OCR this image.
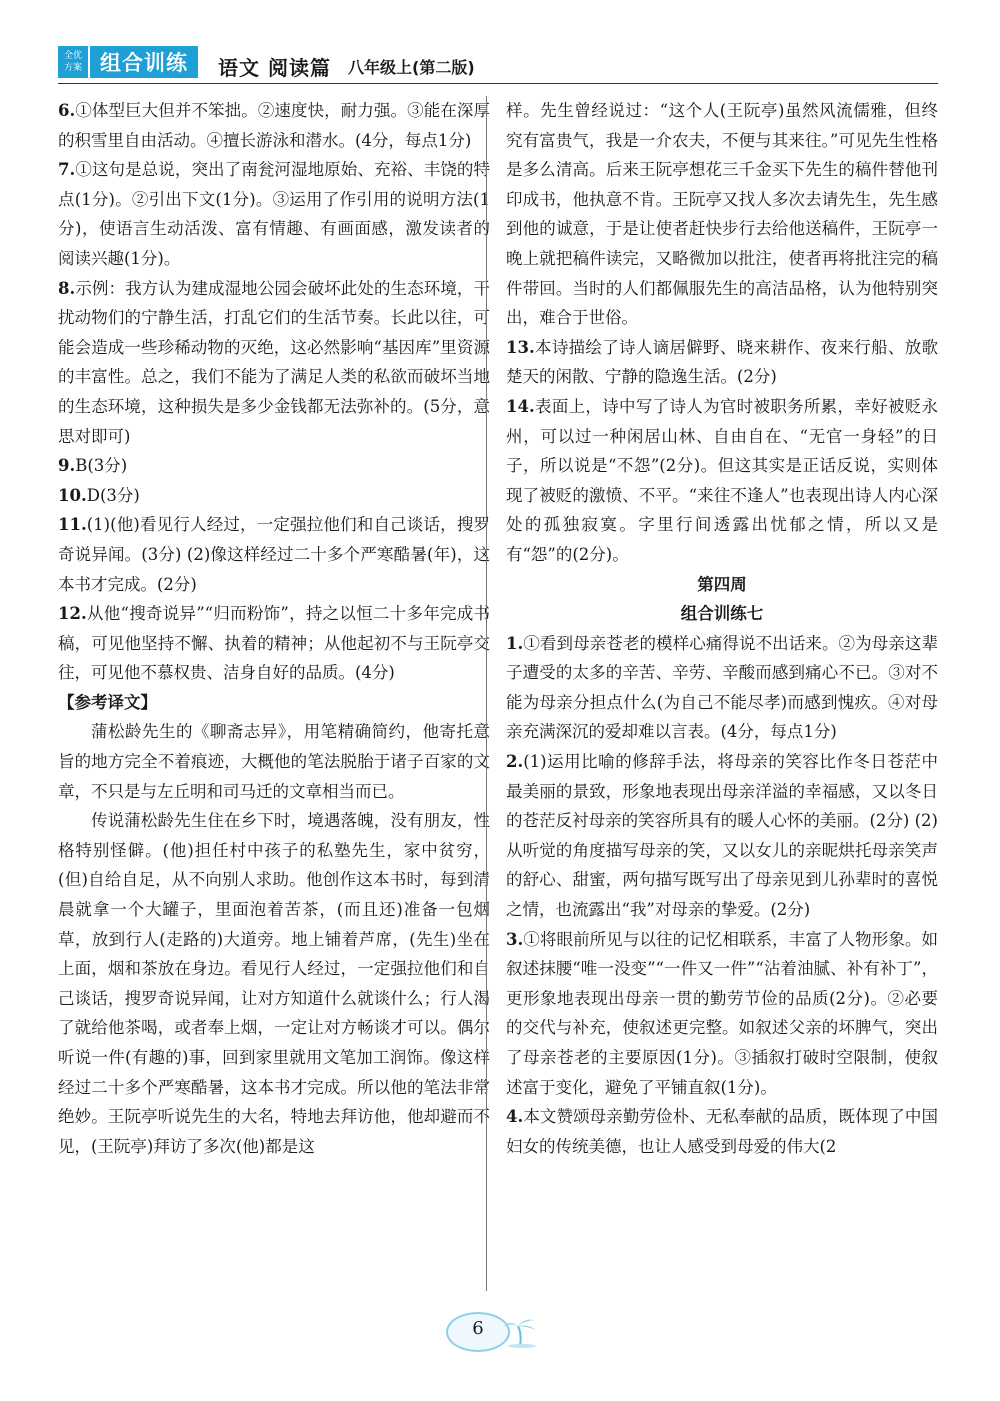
全优
方案 组合训练	语文 阅读篇 八年级上(第二版)

6.①体型巨大但并不笨拙。②速度快，耐力强。③能在深厚的积雪里自由活动。④擅长游泳和潜水。(4分，每点1分)

7.①这句是总说，突出了南瓮河湿地原始、充裕、丰饶的特点(1分)。②引出下文(1分)。③运用了作引用的说明方法(1分)，使语言生动活泼、富有情趣、有画面感，激发读者的阅读兴趣(1分)。

8.示例：我方认为建成湿地公园会破坏此处的生态环境，干扰动物们的宁静生活，打乱它们的生活节奏。长此以往，可能会造成一些珍稀动物的灭绝，这必然影响“基因库”里资源的丰富性。总之，我们不能为了满足人类的私欲而破坏当地的生态环境，这种损失是多少金钱都无法弥补的。(5分，意思对即可)

9.B(3分)

10.D(3分)

11.(1)(他)看见行人经过，一定强拉他们和自己谈话，搜罗奇说异闻。(3分) (2)像这样经过二十多个严寒酷暑(年)，这本书才完成。(2分)

12.从他“搜奇说异”“归而粉饰”，持之以恒二十多年完成书稿，可见他坚持不懈、执着的精神；从他起初不与王阮亭交往，可见他不慕权贵、洁身自好的品质。(4分)

【参考译文】

蒲松龄先生的《聊斋志异》，用笔精确简约，他寄托意旨的地方完全不着痕迹，大概他的笔法脱胎于诸子百家的文章，不只是与左丘明和司马迁的文章相当而已。

传说蒲松龄先生住在乡下时，境遇落魄，没有朋友，性格特别怪僻。(他)担任村中孩子的私塾先生，家中贫穷，(但)自给自足，从不向别人求助。他创作这本书时，每到清晨就拿一个大罐子，里面泡着苦茶，(而且还)准备一包烟草，放到行人(走路的)大道旁。地上铺着芦席，(先生)坐在上面，烟和茶放在身边。看见行人经过，一定强拉他们和自己谈话，搜罗奇说异闻，让对方知道什么就谈什么；行人渴了就给他茶喝，或者奉上烟，一定让对方畅谈才可以。偶尔听说一件(有趣的)事，回到家里就用文笔加工润饰。像这样经过二十多个严寒酷暑，这本书才完成。所以他的笔法非常绝妙。王阮亭听说先生的大名，特地去拜访他，他却避而不见，(王阮亭)拜访了多次(他)都是这

样。先生曾经说过：“这个人(王阮亭)虽然风流儒雅，但终究有富贵气，我是一介农夫，不便与其来往。”可见先生性格是多么清高。后来王阮亭想花三千金买下先生的稿件替他刊印成书，他执意不肯。王阮亭又找人多次去请先生，先生感到他的诚意，于是让使者赶快步行去给他送稿件，王阮亭一晚上就把稿件读完，又略微加以批注，使者再将批注完的稿件带回。当时的人们都佩服先生的高洁品格，认为他特别突出，难合于世俗。

13.本诗描绘了诗人谪居僻野、晓来耕作、夜来行船、放歌楚天的闲散、宁静的隐逸生活。(2分)

14.表面上，诗中写了诗人为官时被职务所累，幸好被贬永州，可以过一种闲居山林、自由自在、“无官一身轻”的日子，所以说是“不怨”(2分)。但这其实是正话反说，实则体现了被贬的激愤、不平。“来往不逢人”也表现出诗人内心深处的孤独寂寞。字里行间透露出忧郁之情，所以又是有“怨”的(2分)。

第四周

组合训练七

1.①看到母亲苍老的模样心痛得说不出话来。②为母亲这辈子遭受的太多的辛苦、辛劳、辛酸而感到痛心不已。③对不能为母亲分担点什么(为自己不能尽孝)而感到愧疚。④对母亲充满深沉的爱却难以言表。(4分，每点1分)

2.(1)运用比喻的修辞手法，将母亲的笑容比作冬日苍茫中最美丽的景致，形象地表现出母亲洋溢的幸福感，又以冬日的苍茫反衬母亲的笑容所具有的暖人心怀的美丽。(2分) (2)从听觉的角度描写母亲的笑，又以女儿的亲昵烘托母亲笑声的舒心、甜蜜，两句描写既写出了母亲见到儿孙辈时的喜悦之情，也流露出“我”对母亲的挚爱。(2分)

3.①将眼前所见与以往的记忆相联系，丰富了人物形象。如叙述抹腰“唯一没变”“一件又一件”“沾着油腻、补有补丁”，更形象地表现出母亲一贯的勤劳节俭的品质(2分)。②必要的交代与补充，使叙述更完整。如叙述父亲的坏脾气，突出了母亲苍老的主要原因(1分)。③插叙打破时空限制，使叙述富于变化，避免了平铺直叙(1分)。

4.本文赞颂母亲勤劳俭朴、无私奉献的品质，既体现了中国妇女的传统美德，也让人感受到母爱的伟大(2

6
